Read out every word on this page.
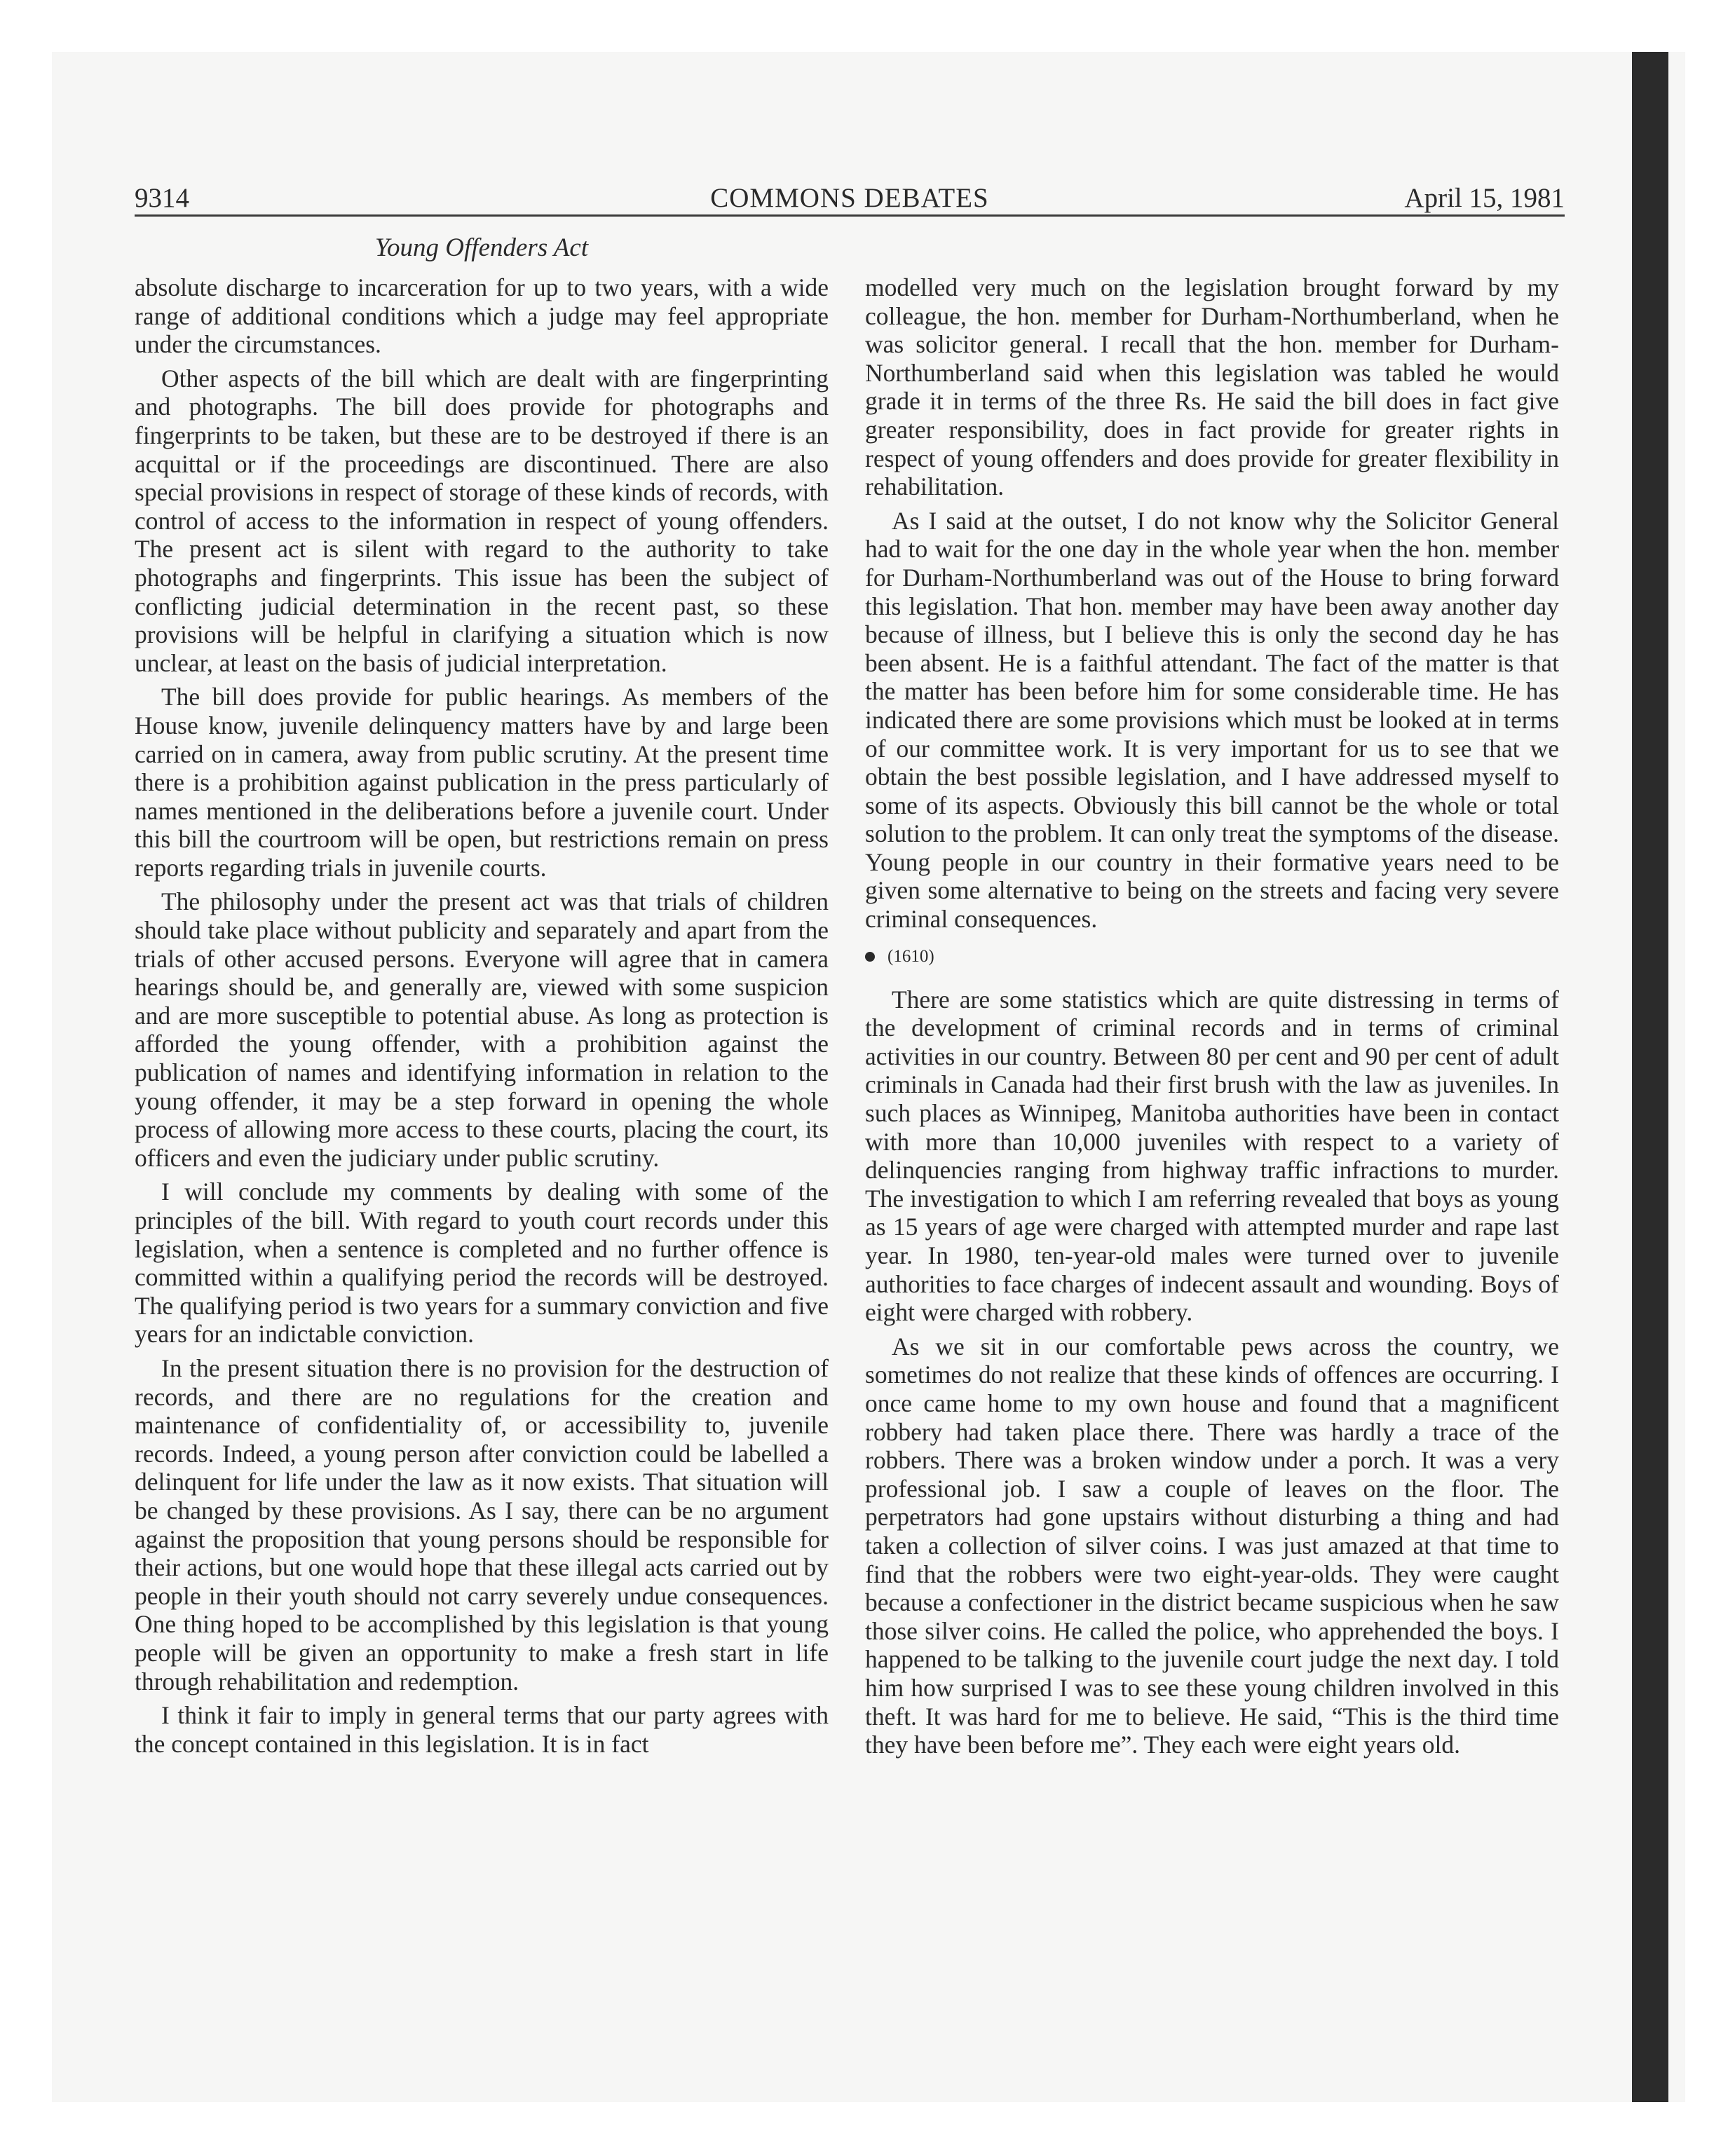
9314	COMMONS DEBATES	April 15, 1981
Young Offenders Act

absolute discharge to incarceration for up to two years, with a wide range of additional conditions which a judge may feel appropriate under the circumstances.

Other aspects of the bill which are dealt with are fingerprinting and photographs. The bill does provide for photographs and fingerprints to be taken, but these are to be destroyed if there is an acquittal or if the proceedings are discontinued. There are also special provisions in respect of storage of these kinds of records, with control of access to the information in respect of young offenders. The present act is silent with regard to the authority to take photographs and fingerprints. This issue has been the subject of conflicting judicial determination in the recent past, so these provisions will be helpful in clarifying a situation which is now unclear, at least on the basis of judicial interpretation.

The bill does provide for public hearings. As members of the House know, juvenile delinquency matters have by and large been carried on in camera, away from public scrutiny. At the present time there is a prohibition against publication in the press particularly of names mentioned in the deliberations before a juvenile court. Under this bill the courtroom will be open, but restrictions remain on press reports regarding trials in juvenile courts.

The philosophy under the present act was that trials of children should take place without publicity and separately and apart from the trials of other accused persons. Everyone will agree that in camera hearings should be, and generally are, viewed with some suspicion and are more susceptible to potential abuse. As long as protection is afforded the young offender, with a prohibition against the publication of names and identifying information in relation to the young offender, it may be a step forward in opening the whole process of allowing more access to these courts, placing the court, its officers and even the judiciary under public scrutiny.

I will conclude my comments by dealing with some of the principles of the bill. With regard to youth court records under this legislation, when a sentence is completed and no further offence is committed within a qualifying period the records will be destroyed. The qualifying period is two years for a summary conviction and five years for an indictable conviction.

In the present situation there is no provision for the destruction of records, and there are no regulations for the creation and maintenance of confidentiality of, or accessibility to, juvenile records. Indeed, a young person after conviction could be labelled a delinquent for life under the law as it now exists. That situation will be changed by these provisions. As I say, there can be no argument against the proposition that young persons should be responsible for their actions, but one would hope that these illegal acts carried out by people in their youth should not carry severely undue consequences. One thing hoped to be accomplished by this legislation is that young people will be given an opportunity to make a fresh start in life through rehabilitation and redemption.

I think it fair to imply in general terms that our party agrees with the concept contained in this legislation. It is in fact

modelled very much on the legislation brought forward by my colleague, the hon. member for Durham-Northumberland, when he was solicitor general. I recall that the hon. member for Durham-Northumberland said when this legislation was tabled he would grade it in terms of the three Rs. He said the bill does in fact give greater responsibility, does in fact provide for greater rights in respect of young offenders and does provide for greater flexibility in rehabilitation.

As I said at the outset, I do not know why the Solicitor General had to wait for the one day in the whole year when the hon. member for Durham-Northumberland was out of the House to bring forward this legislation. That hon. member may have been away another day because of illness, but I believe this is only the second day he has been absent. He is a faithful attendant. The fact of the matter is that the matter has been before him for some considerable time. He has indicated there are some provisions which must be looked at in terms of our committee work. It is very important for us to see that we obtain the best possible legislation, and I have addressed myself to some of its aspects. Obviously this bill cannot be the whole or total solution to the problem. It can only treat the symptoms of the disease. Young people in our country in their formative years need to be given some alternative to being on the streets and facing very severe criminal consequences.

(1610)

There are some statistics which are quite distressing in terms of the development of criminal records and in terms of criminal activities in our country. Between 80 per cent and 90 per cent of adult criminals in Canada had their first brush with the law as juveniles. In such places as Winnipeg, Manitoba authorities have been in contact with more than 10,000 juveniles with respect to a variety of delinquencies ranging from highway traffic infractions to murder. The investigation to which I am referring revealed that boys as young as 15 years of age were charged with attempted murder and rape last year. In 1980, ten-year-old males were turned over to juvenile authorities to face charges of indecent assault and wounding. Boys of eight were charged with robbery.

As we sit in our comfortable pews across the country, we sometimes do not realize that these kinds of offences are occurring. I once came home to my own house and found that a magnificent robbery had taken place there. There was hardly a trace of the robbers. There was a broken window under a porch. It was a very professional job. I saw a couple of leaves on the floor. The perpetrators had gone upstairs without disturbing a thing and had taken a collection of silver coins. I was just amazed at that time to find that the robbers were two eight-year-olds. They were caught because a confectioner in the district became suspicious when he saw those silver coins. He called the police, who apprehended the boys. I happened to be talking to the juvenile court judge the next day. I told him how surprised I was to see these young children involved in this theft. It was hard for me to believe. He said, “This is the third time they have been before me”. They each were eight years old.
